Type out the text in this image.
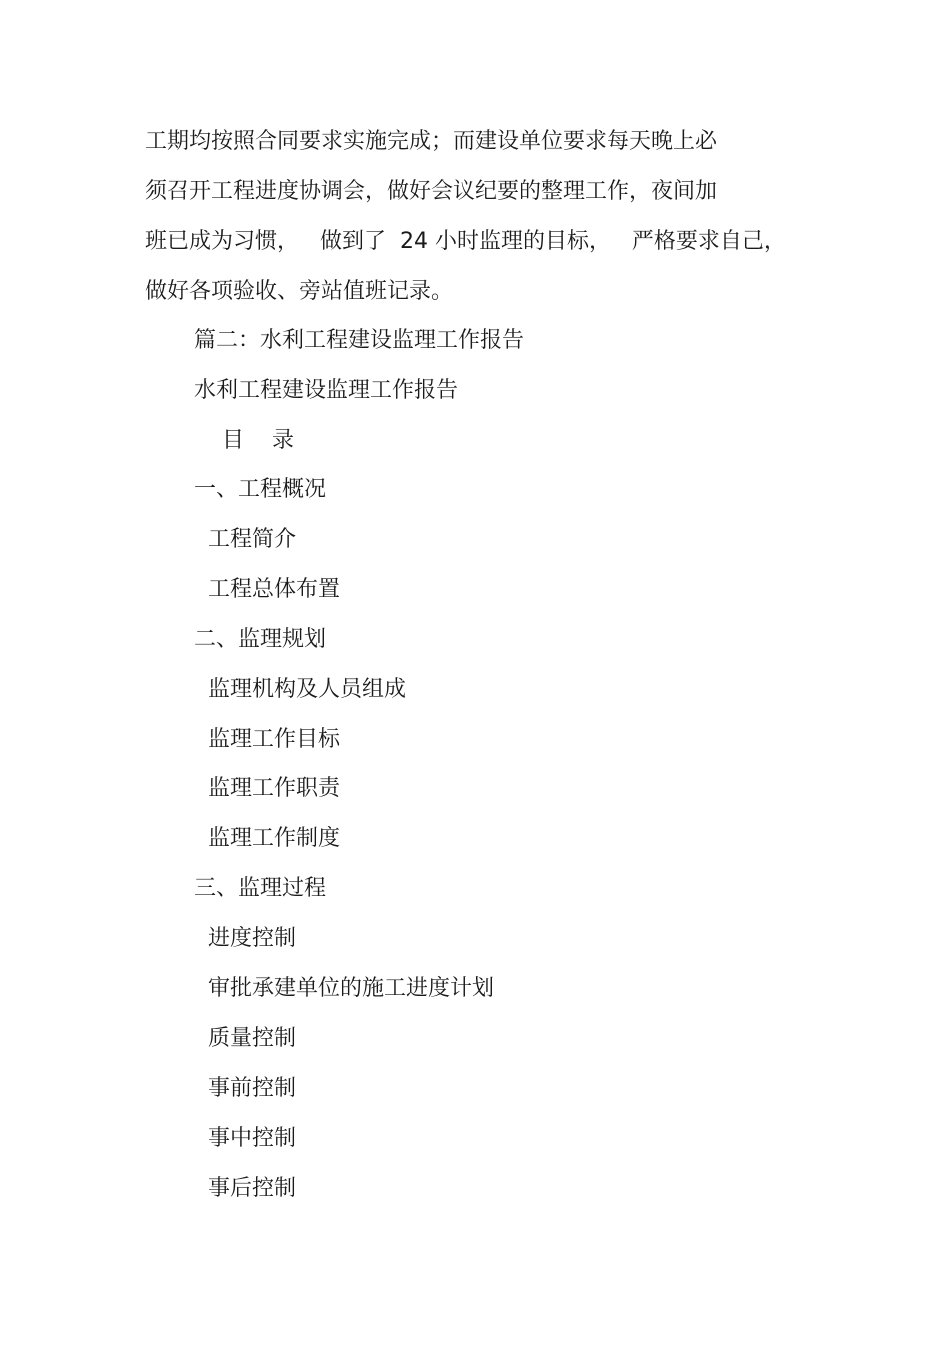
工期均按照合同要求实施完成；而建设单位要求每天晚上必
须召开工程进度协调会，做好会议纪要的整理工作，夜间加
班已成为习惯，   做到了  24 小时监理的目标，   严格要求自己，
做好各项验收、旁站值班记录。
篇二：水利工程建设监理工作报告
水利工程建设监理工作报告
目    录
一、工程概况
工程简介
工程总体布置
二、监理规划
监理机构及人员组成
监理工作目标
监理工作职责
监理工作制度
三、监理过程
进度控制
审批承建单位的施工进度计划
质量控制
事前控制
事中控制
事后控制
